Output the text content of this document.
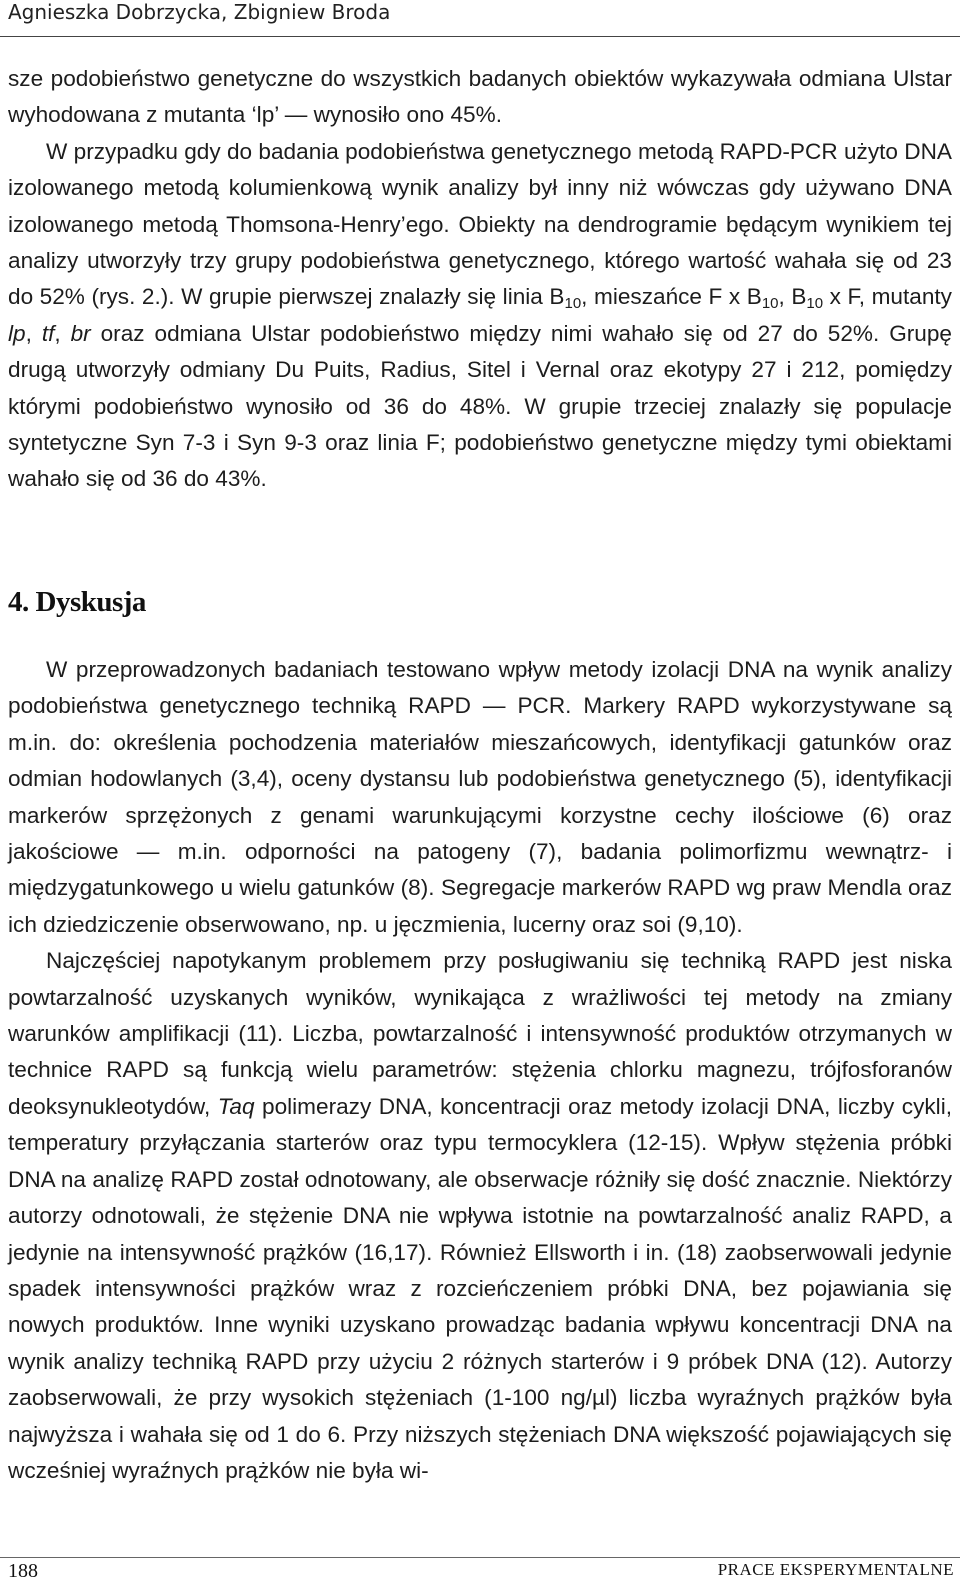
Agnieszka Dobrzycka, Zbigniew Broda

sze podobieństwo genetyczne do wszystkich badanych obiektów wykazywała odmiana Ulstar wyhodowana z mutanta ‘lp’ — wynosiło ono 45%.

W przypadku gdy do badania podobieństwa genetycznego metodą RAPD-PCR użyto DNA izolowanego metodą kolumienkową wynik analizy był inny niż wówczas gdy używano DNA izolowanego metodą Thomsona-Henry’ego. Obiekty na dendrogramie będącym wynikiem tej analizy utworzyły trzy grupy podobieństwa genetycznego, którego wartość wahała się od 23 do 52% (rys. 2.). W grupie pierwszej znalazły się linia $B_{10}$, mieszańce F x $B_{10}$, $B_{10}$ x F, mutanty lp, tf, br oraz odmiana Ulstar podobieństwo między nimi wahało się od 27 do 52%. Grupę drugą utworzyły odmiany Du Puits, Radius, Sitel i Vernal oraz ekotypy 27 i 212, pomiędzy którymi podobieństwo wynosiło od 36 do 48%. W grupie trzeciej znalazły się populacje syntetyczne Syn 7-3 i Syn 9-3 oraz linia F; podobieństwo genetyczne między tymi obiektami wahało się od 36 do 43%.

4. Dyskusja

W przeprowadzonych badaniach testowano wpływ metody izolacji DNA na wynik analizy podobieństwa genetycznego techniką RAPD — PCR. Markery RAPD wykorzystywane są m.in. do: określenia pochodzenia materiałów mieszańcowych, identyfikacji gatunków oraz odmian hodowlanych (3,4), oceny dystansu lub podobieństwa genetycznego (5), identyfikacji markerów sprzężonych z genami warunkującymi korzystne cechy ilościowe (6) oraz jakościowe — m.in. odporności na patogeny (7), badania polimorfizmu wewnątrz- i międzygatunkowego u wielu gatunków (8). Segregacje markerów RAPD wg praw Mendla oraz ich dziedziczenie obserwowano, np. u jęczmienia, lucerny oraz soi (9,10).

Najczęściej napotykanym problemem przy posługiwaniu się techniką RAPD jest niska powtarzalność uzyskanych wyników, wynikająca z wrażliwości tej metody na zmiany warunków amplifikacji (11). Liczba, powtarzalność i intensywność produktów otrzymanych w technice RAPD są funkcją wielu parametrów: stężenia chlorku magnezu, trójfosforanów deoksynukleotydów, Taq polimerazy DNA, koncentracji oraz metody izolacji DNA, liczby cykli, temperatury przyłączania starterów oraz typu termocyklera (12-15). Wpływ stężenia próbki DNA na analizę RAPD został odnotowany, ale obserwacje różniły się dość znacznie. Niektórzy autorzy odnotowali, że stężenie DNA nie wpływa istotnie na powtarzalność analiz RAPD, a jedynie na intensywność prążków (16,17). Również Ellsworth i in. (18) zaobserwowali jedynie spadek intensywności prążków wraz z rozcieńczeniem próbki DNA, bez pojawiania się nowych produktów. Inne wyniki uzyskano prowadząc badania wpływu koncentracji DNA na wynik analizy techniką RAPD przy użyciu 2 różnych starterów i 9 próbek DNA (12). Autorzy zaobserwowali, że przy wysokich stężeniach (1-100 ng/µl) liczba wyraźnych prążków była najwyższa i wahała się od 1 do 6. Przy niższych stężeniach DNA większość pojawiających się wcześniej wyraźnych prążków nie była wi-

188	PRACE EKSPERYMENTALNE
